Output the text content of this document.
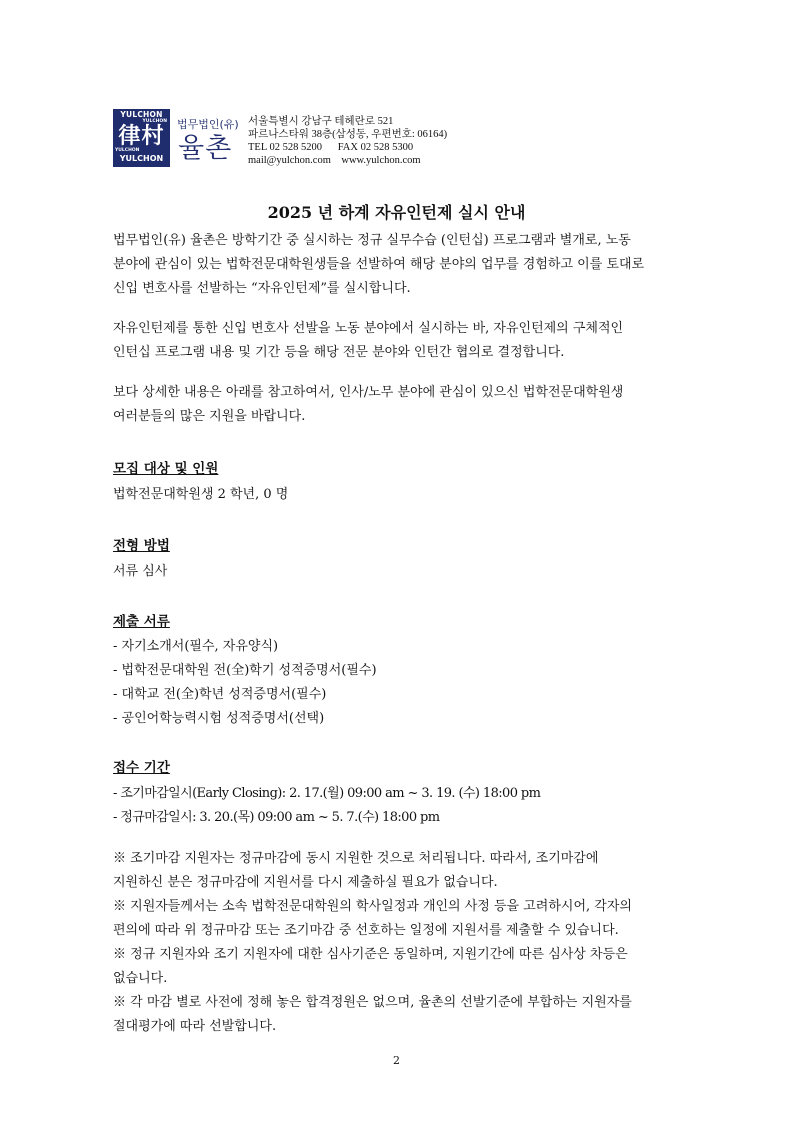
YULCHON
YULCHON
律村
YULCHON
YULCHON
법무법인(유)
율촌
서울특별시 강남구 테헤란로 521
파르나스타워 38층(삼성동, 우편번호: 06164)
TEL 02 528 5200      FAX 02 528 5300
mail@yulchon.com    www.yulchon.com
2025 년 하계 자유인턴제 실시 안내
법무법인(유) 율촌은 방학기간 중 실시하는 정규 실무수습 (인턴십) 프로그램과 별개로, 노동
분야에 관심이 있는 법학전문대학원생들을 선발하여 해당 분야의 업무를 경험하고 이를 토대로
신입 변호사를 선발하는 “자유인턴제”를 실시합니다.
자유인턴제를 통한 신입 변호사 선발을 노동 분야에서 실시하는 바, 자유인턴제의 구체적인
인턴십 프로그램 내용 및 기간 등을 해당 전문 분야와 인턴간 협의로 결정합니다.
보다 상세한 내용은 아래를 참고하여서, 인사/노무 분야에 관심이 있으신 법학전문대학원생
여러분들의 많은 지원을 바랍니다.
모집 대상 및 인원
법학전문대학원생 2 학년, 0 명
전형 방법
서류 심사
제출 서류
- 자기소개서(필수, 자유양식)
- 법학전문대학원 전(全)학기 성적증명서(필수)
- 대학교 전(全)학년 성적증명서(필수)
- 공인어학능력시험 성적증명서(선택)
접수 기간
- 조기마감일시(Early Closing): 2. 17.(월) 09:00 am ~ 3. 19. (수) 18:00 pm
- 정규마감일시: 3. 20.(목) 09:00 am ~ 5. 7.(수) 18:00 pm
※ 조기마감 지원자는 정규마감에 동시 지원한 것으로 처리됩니다. 따라서, 조기마감에
지원하신 분은 정규마감에 지원서를 다시 제출하실 필요가 없습니다.
※ 지원자들께서는 소속 법학전문대학원의 학사일정과 개인의 사정 등을 고려하시어, 각자의
편의에 따라 위 정규마감 또는 조기마감 중 선호하는 일정에 지원서를 제출할 수 있습니다.
※ 정규 지원자와 조기 지원자에 대한 심사기준은 동일하며, 지원기간에 따른 심사상 차등은
없습니다.
※ 각 마감 별로 사전에 정해 놓은 합격정원은 없으며, 율촌의 선발기준에 부합하는 지원자를
절대평가에 따라 선발합니다.
2
